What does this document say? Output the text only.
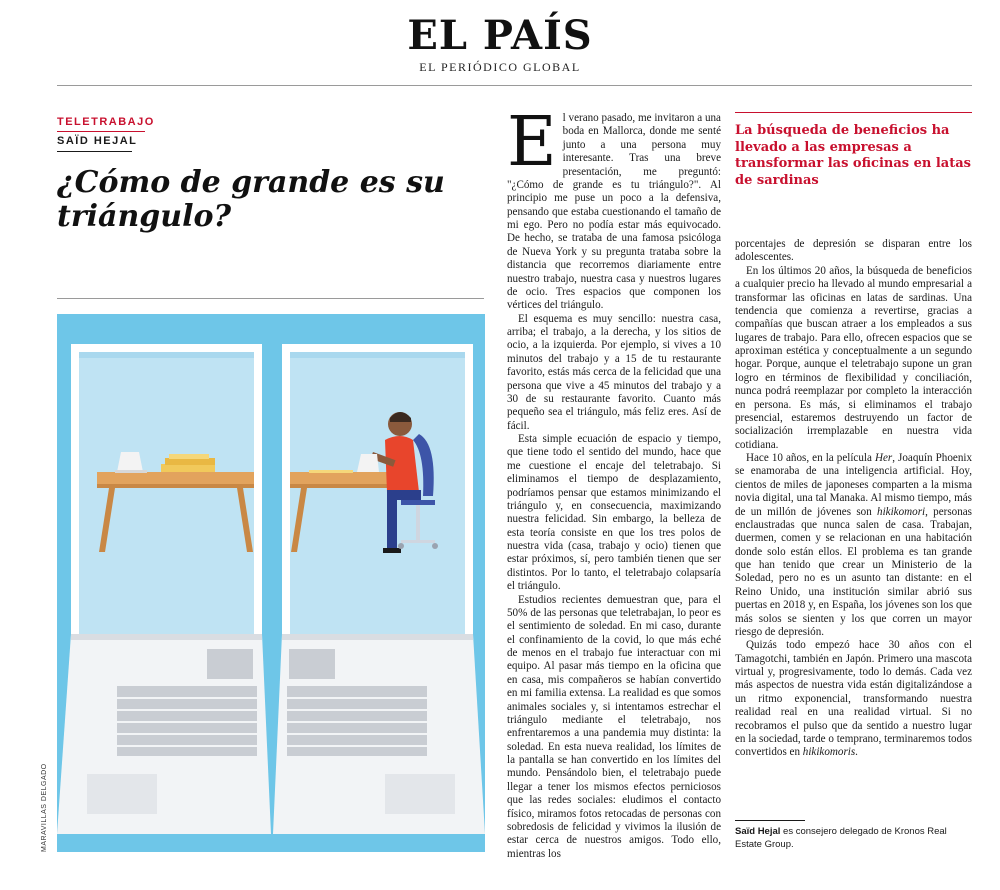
EL PAÍS
EL PERIÓDICO GLOBAL
TELETRABAJO
SAÏD HEJAL
¿Cómo de grande es su triángulo?
MARAVILLAS DELGADO

El verano pasado, me invitaron a una boda en Mallorca, donde me senté junto a una persona muy interesante. Tras una breve presentación, me preguntó: "¿Cómo de grande es tu triángulo?". Al principio me puse un poco a la defensiva, pensando que estaba cuestionando el tamaño de mi ego. Pero no podía estar más equivocado. De hecho, se trataba de una famosa psicóloga de Nueva York y su pregunta trataba sobre la distancia que recorremos diariamente entre nuestro trabajo, nuestra casa y nuestros lugares de ocio. Tres espacios que componen los vértices del triángulo.

El esquema es muy sencillo: nuestra casa, arriba; el trabajo, a la derecha, y los sitios de ocio, a la izquierda. Por ejemplo, si vives a 10 minutos del trabajo y a 15 de tu restaurante favorito, estás más cerca de la felicidad que una persona que vive a 45 minutos del trabajo y a 30 de su restaurante favorito. Cuanto más pequeño sea el triángulo, más feliz eres. Así de fácil.

Esta simple ecuación de espacio y tiempo, que tiene todo el sentido del mundo, hace que me cuestione el encaje del teletrabajo. Si eliminamos el tiempo de desplazamiento, podríamos pensar que estamos minimizando el triángulo y, en consecuencia, maximizando nuestra felicidad. Sin embargo, la belleza de esta teoría consiste en que los tres polos de nuestra vida (casa, trabajo y ocio) tienen que estar próximos, sí, pero también tienen que ser distintos. Por lo tanto, el teletrabajo colapsaría el triángulo.

Estudios recientes demuestran que, para el 50% de las personas que teletrabajan, lo peor es el sentimiento de soledad. En mi caso, durante el confinamiento de la covid, lo que más eché de menos en el trabajo fue interactuar con mi equipo. Al pasar más tiempo en la oficina que en casa, mis compañeros se habían convertido en mi familia extensa. La realidad es que somos animales sociales y, si intentamos estrechar el triángulo mediante el teletrabajo, nos enfrentaremos a una pandemia muy distinta: la soledad. En esta nueva realidad, los límites de la pantalla se han convertido en los límites del mundo. Pensándolo bien, el teletrabajo puede llegar a tener los mismos efectos perniciosos que las redes sociales: eludimos el contacto físico, miramos fotos retocadas de personas con sobredosis de felicidad y vivimos la ilusión de estar cerca de nuestros amigos. Todo ello, mientras los

La búsqueda de beneficios ha llevado a las empresas a transformar las oficinas en latas de sardinas

porcentajes de depresión se disparan entre los adolescentes.

En los últimos 20 años, la búsqueda de beneficios a cualquier precio ha llevado al mundo empresarial a transformar las oficinas en latas de sardinas. Una tendencia que comienza a revertirse, gracias a compañías que buscan atraer a los empleados a sus lugares de trabajo. Para ello, ofrecen espacios que se aproximan estética y conceptualmente a un segundo hogar. Porque, aunque el teletrabajo supone un gran logro en términos de flexibilidad y conciliación, nunca podrá reemplazar por completo la interacción en persona. Es más, si eliminamos el trabajo presencial, estaremos destruyendo un factor de socialización irremplazable en nuestra vida cotidiana.

Hace 10 años, en la película Her, Joaquín Phoenix se enamoraba de una inteligencia artificial. Hoy, cientos de miles de japoneses comparten a la misma novia digital, una tal Manaka. Al mismo tiempo, más de un millón de jóvenes son hikikomori, personas enclaustradas que nunca salen de casa. Trabajan, duermen, comen y se relacionan en una habitación donde solo están ellos. El problema es tan grande que han tenido que crear un Ministerio de la Soledad, pero no es un asunto tan distante: en el Reino Unido, una institución similar abrió sus puertas en 2018 y, en España, los jóvenes son los que más solos se sienten y los que corren un mayor riesgo de depresión.

Quizás todo empezó hace 30 años con el Tamagotchi, también en Japón. Primero una mascota virtual y, progresivamente, todo lo demás. Cada vez más aspectos de nuestra vida están digitalizándose a un ritmo exponencial, transformando nuestra realidad real en una realidad virtual. Si no recobramos el pulso que da sentido a nuestro lugar en la sociedad, tarde o temprano, terminaremos todos convertidos en hikikomoris.

Saïd Hejal es consejero delegado de Kronos Real Estate Group.
